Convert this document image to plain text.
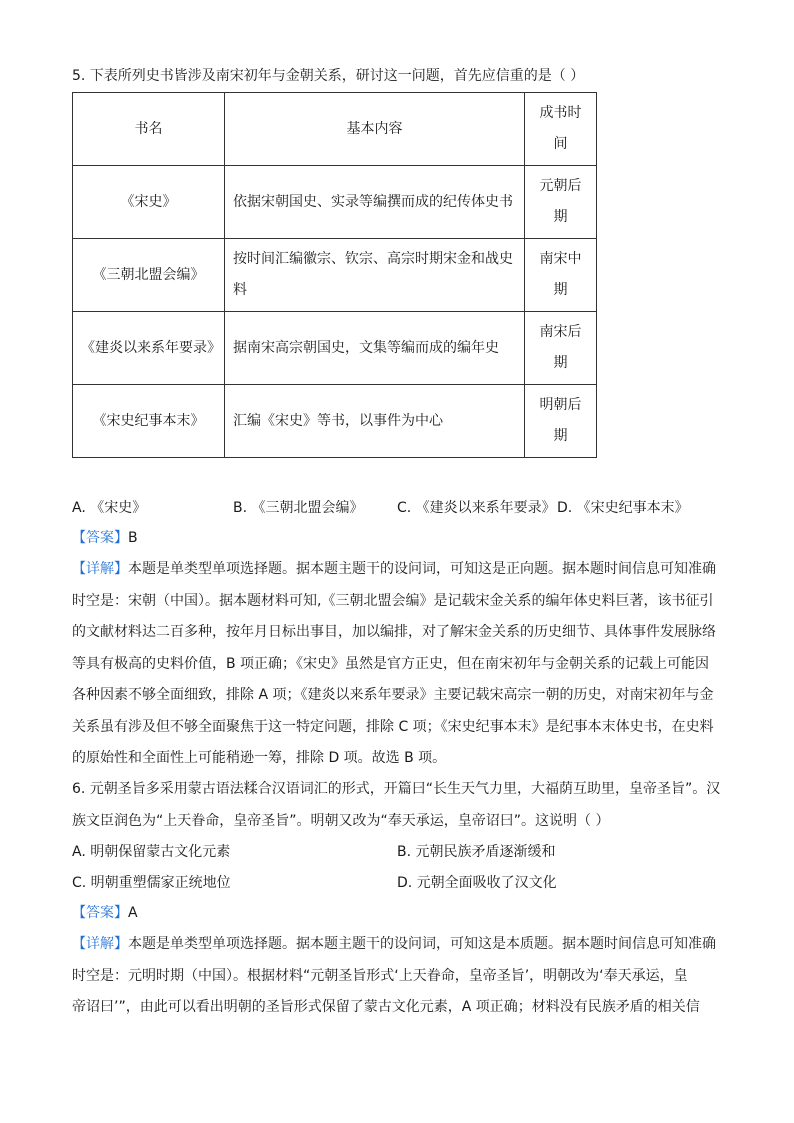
5. 下表所列史书皆涉及南宋初年与金朝关系，研讨这一问题，首先应信重的是（ ）
书名	基本内容	成书时间
《宋史》	依据宋朝国史、实录等编撰而成的纪传体史书	元朝后期
《三朝北盟会编》	按时间汇编徽宗、钦宗、高宗时期宋金和战史料	南宋中期
《建炎以来系年要录》	据南宋高宗朝国史，文集等编而成的编年史	南宋后期
《宋史纪事本末》	汇编《宋史》等书，以事件为中心	明朝后期
A. 《宋史》	B. 《三朝北盟会编》 C. 《建炎以来系年要录》 D. 《宋史纪事本末》
【答案】B
【详解】本题是单类型单项选择题。据本题主题干的设问词，可知这是正向题。据本题时间信息可知准确
时空是：宋朝（中国）。据本题材料可知,《三朝北盟会编》是记载宋金关系的编年体史料巨著，该书征引
的文献材料达二百多种，按年月日标出事目，加以编排，对了解宋金关系的历史细节、具体事件发展脉络
等具有极高的史料价值，B 项正确；《宋史》虽然是官方正史，但在南宋初年与金朝关系的记载上可能因
各种因素不够全面细致，排除 A 项；《建炎以来系年要录》主要记载宋高宗一朝的历史，对南宋初年与金
关系虽有涉及但不够全面聚焦于这一特定问题，排除 C 项；《宋史纪事本末》是纪事本末体史书，在史料
的原始性和全面性上可能稍逊一筹，排除 D 项。故选 B 项。
6. 元朝圣旨多采用蒙古语法糅合汉语词汇的形式，开篇曰“长生天气力里，大福荫互助里，皇帝圣旨”。汉
族文臣润色为“上天眷命，皇帝圣旨”。明朝又改为“奉天承运，皇帝诏曰”。这说明（ ）
A. 明朝保留蒙古文化元素	B. 元朝民族矛盾逐渐缓和
C. 明朝重塑儒家正统地位	D. 元朝全面吸收了汉文化
【答案】A
【详解】本题是单类型单项选择题。据本题主题干的设问词，可知这是本质题。据本题时间信息可知准确
时空是：元明时期（中国）。根据材料“元朝圣旨形式‘上天眷命，皇帝圣旨’，明朝改为‘奉天承运，皇
帝诏曰’”，由此可以看出明朝的圣旨形式保留了蒙古文化元素，A 项正确；材料没有民族矛盾的相关信
